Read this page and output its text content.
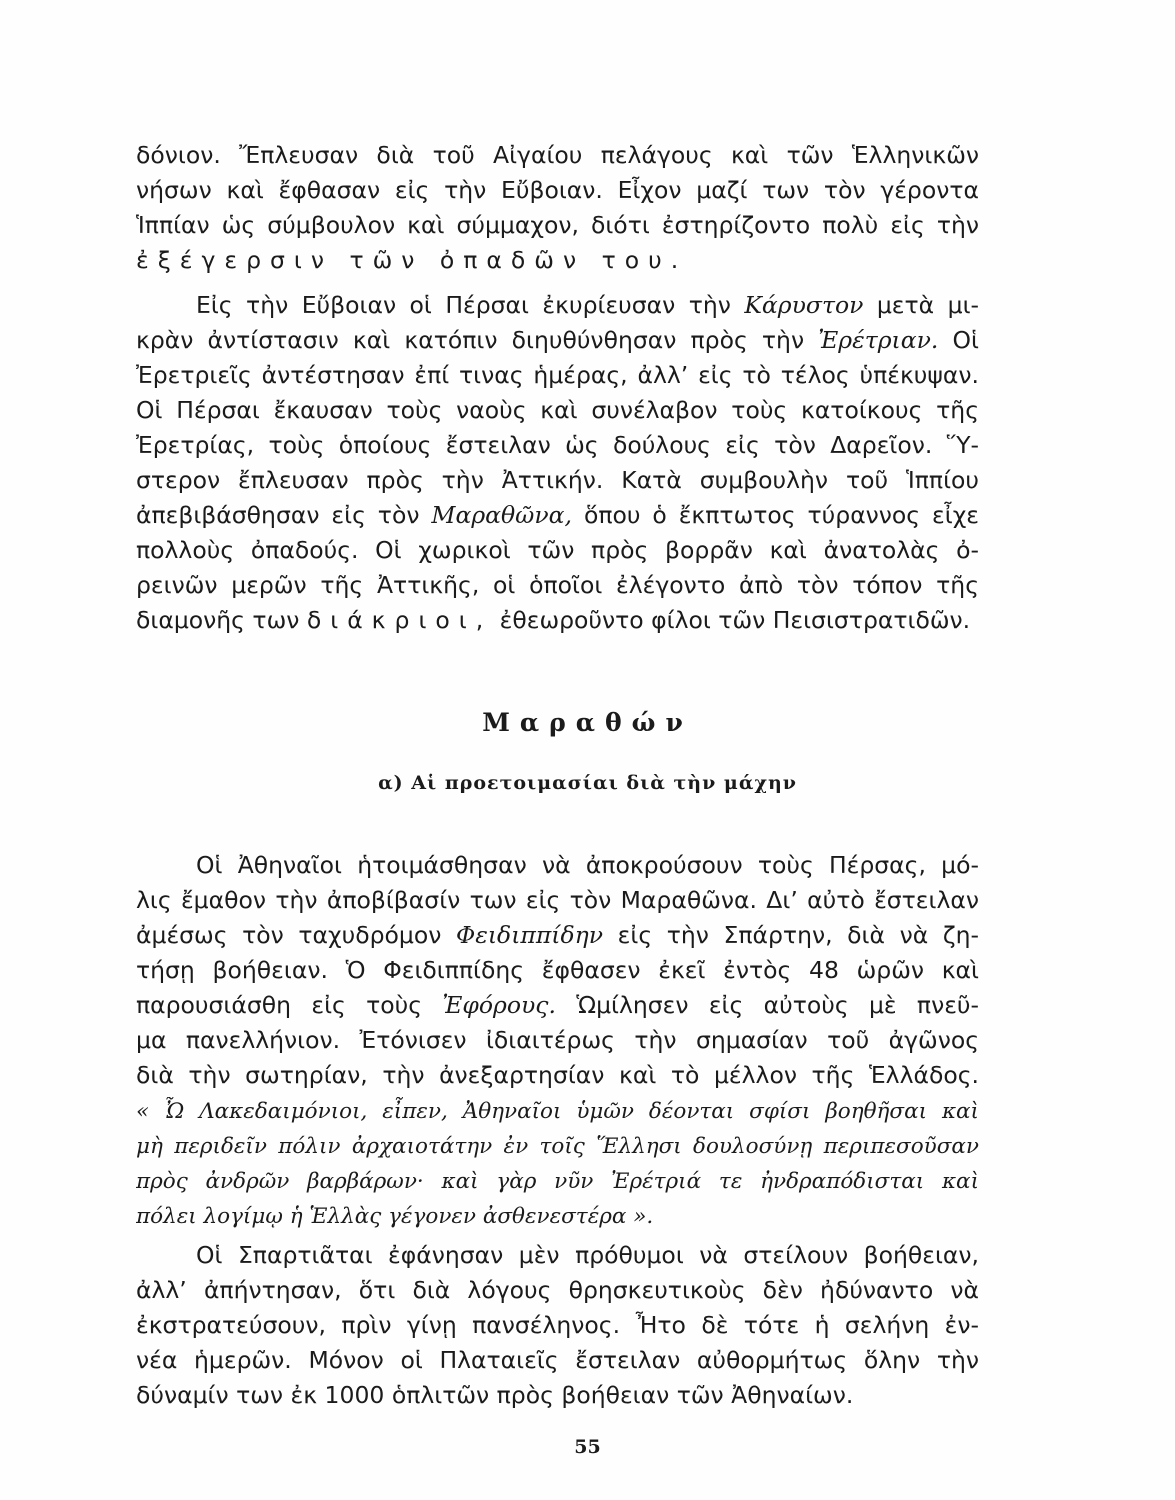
δόνιον. Ἔπλευσαν διὰ τοῦ Αἰγαίου πελάγους καὶ τῶν Ἑλληνικῶν
νήσων καὶ ἔφθασαν εἰς τὴν Εὔβοιαν. Εἶχον μαζί των τὸν γέροντα
Ἱππίαν ὡς σύμβουλον καὶ σύμμαχον, διότι ἐστηρίζοντο πολὺ εἰς τὴν
ἐξέγερσιν τῶν ὀπαδῶν του.
Εἰς τὴν Εὔβοιαν οἱ Πέρσαι ἐκυρίευσαν τὴν Κάρυστον μετὰ μι-
κρὰν ἀντίστασιν καὶ κατόπιν διηυθύνθησαν πρὸς τὴν Ἐρέτριαν. Οἱ
Ἐρετριεῖς ἀντέστησαν ἐπί τινας ἡμέρας, ἀλλ’ εἰς τὸ τέλος ὑπέκυψαν.
Οἱ Πέρσαι ἔκαυσαν τοὺς ναοὺς καὶ συνέλαβον τοὺς κατοίκους τῆς
Ἐρετρίας, τοὺς ὁποίους ἔστειλαν ὡς δούλους εἰς τὸν Δαρεῖον. Ὕ-
στερον ἔπλευσαν πρὸς τὴν Ἀττικήν. Κατὰ συμβουλὴν τοῦ Ἱππίου
ἀπεβιβάσθησαν εἰς τὸν Μαραθῶνα, ὅπου ὁ ἔκπτωτος τύραννος εἶχε
πολλοὺς ὀπαδούς. Οἱ χωρικοὶ τῶν πρὸς βορρᾶν καὶ ἀνατολὰς ὀ-
ρεινῶν μερῶν τῆς Ἀττικῆς, οἱ ὁποῖοι ἐλέγοντο ἀπὸ τὸν τόπον τῆς
διαμονῆς των διάκριοι, ἐθεωροῦντο φίλοι τῶν Πεισιστρατιδῶν.
Μαραθών
α) Αἱ προετοιμασίαι διὰ τὴν μάχην
Οἱ Ἀθηναῖοι ἡτοιμάσθησαν νὰ ἀποκρούσουν τοὺς Πέρσας, μό-
λις ἔμαθον τὴν ἀποβίβασίν των εἰς τὸν Μαραθῶνα. Δι’ αὐτὸ ἔστειλαν
ἀμέσως τὸν ταχυδρόμον Φειδιππίδην εἰς τὴν Σπάρτην, διὰ νὰ ζη-
τήσῃ βοήθειαν. Ὁ Φειδιππίδης ἔφθασεν ἐκεῖ ἐντὸς 48 ὡρῶν καὶ
παρουσιάσθη εἰς τοὺς Ἐφόρους. Ὡμίλησεν εἰς αὐτοὺς μὲ πνεῦ-
μα πανελλήνιον. Ἐτόνισεν ἰδιαιτέρως τὴν σημασίαν τοῦ ἀγῶνος
διὰ τὴν σωτηρίαν, τὴν ἀνεξαρτησίαν καὶ τὸ μέλλον τῆς Ἑλλάδος.
« Ὦ Λακεδαιμόνιοι, εἶπεν, Ἀθηναῖοι ὑμῶν δέονται σφίσι βοηθῆσαι καὶ
μὴ περιδεῖν πόλιν ἀρχαιοτάτην ἐν τοῖς Ἕλλησι δουλοσύνῃ περιπεσοῦσαν
πρὸς ἀνδρῶν βαρβάρων· καὶ γὰρ νῦν Ἐρέτριά τε ἠνδραπόδισται καὶ
πόλει λογίμῳ ἡ Ἑλλὰς γέγονεν ἀσθενεστέρα ».
Οἱ Σπαρτιᾶται ἐφάνησαν μὲν πρόθυμοι νὰ στείλουν βοήθειαν,
ἀλλ’ ἀπήντησαν, ὅτι διὰ λόγους θρησκευτικοὺς δὲν ἠδύναντο νὰ
ἐκστρατεύσουν, πρὶν γίνῃ πανσέληνος. Ἦτο δὲ τότε ἡ σελήνη ἐν-
νέα ἡμερῶν. Μόνον οἱ Πλαταιεῖς ἔστειλαν αὐθορμήτως ὅλην τὴν
δύναμίν των ἐκ 1000 ὁπλιτῶν πρὸς βοήθειαν τῶν Ἀθηναίων.
55
